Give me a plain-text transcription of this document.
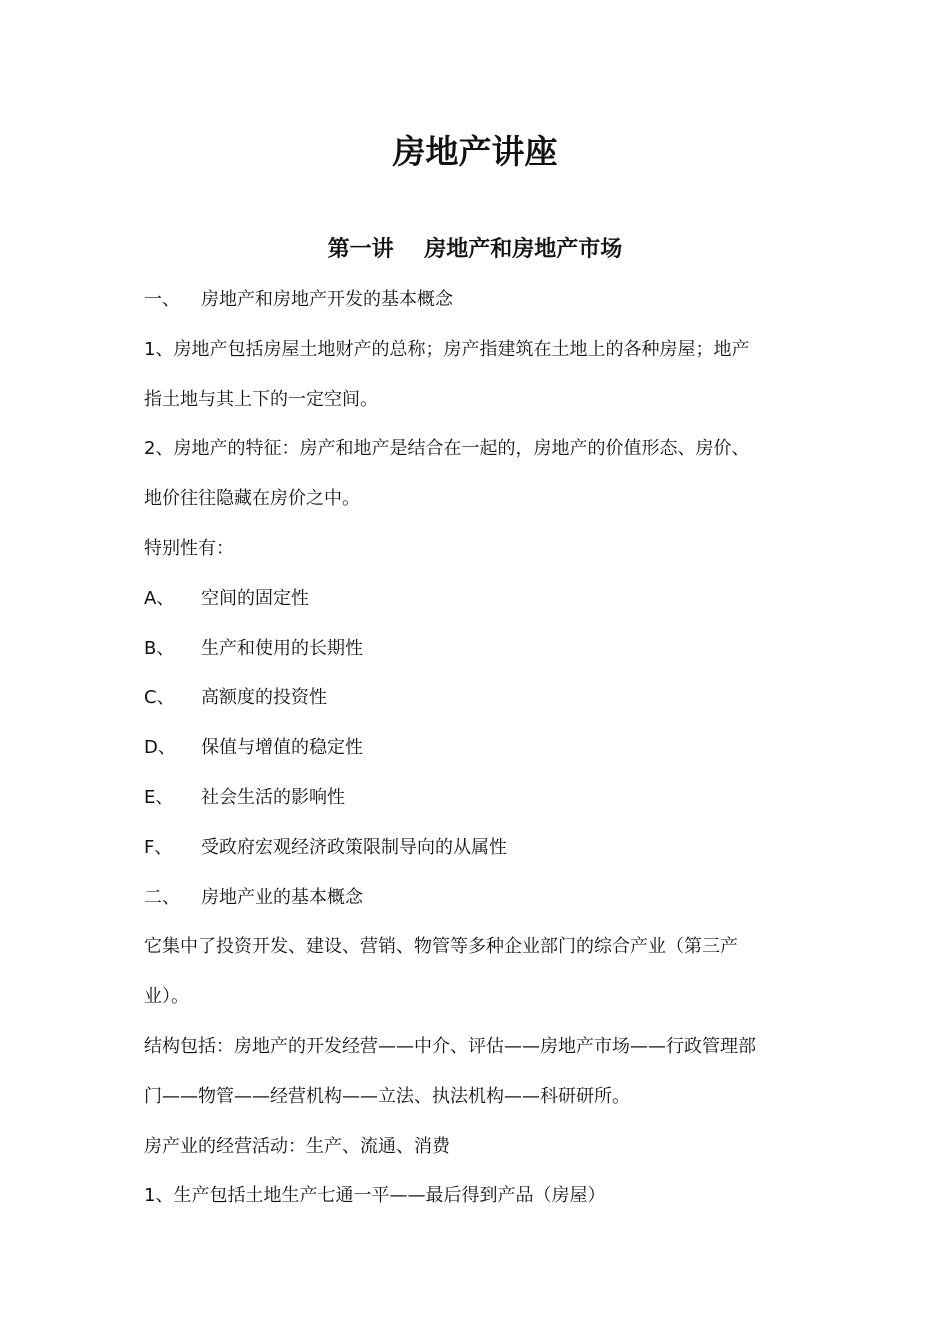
房地产讲座
第一讲    房地产和房地产市场
一、	房地产和房地产开发的基本概念
1、房地产包括房屋土地财产的总称；房产指建筑在土地上的各种房屋；地产
指土地与其上下的一定空间。
2、房地产的特征：房产和地产是结合在一起的，房地产的价值形态、房价、
地价往往隐藏在房价之中。
特别性有：
A、	空间的固定性
B、	生产和使用的长期性
C、	高额度的投资性
D、	保值与增值的稳定性
E、	社会生活的影响性
F、	受政府宏观经济政策限制导向的从属性
二、	房地产业的基本概念
它集中了投资开发、建设、营销、物管等多种企业部门的综合产业（第三产
业）。
结构包括：房地产的开发经营——中介、评估——房地产市场——行政管理部
门——物管——经营机构——立法、执法机构——科研研所。
房产业的经营活动：生产、流通、消费
1、生产包括土地生产七通一平——最后得到产品（房屋）
